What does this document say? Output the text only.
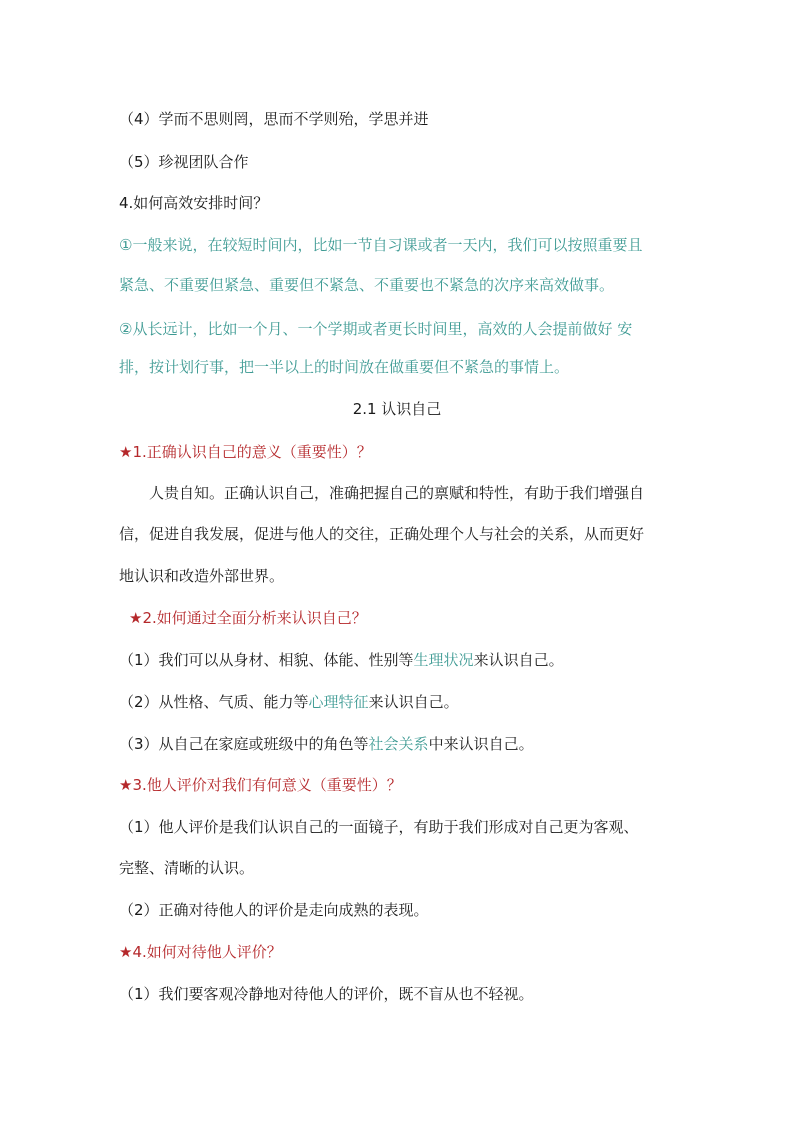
（4）学而不思则罔，思而不学则殆，学思并进
（5）珍视团队合作
4.如何高效安排时间？
①一般来说，在较短时间内，比如一节自习课或者一天内，我们可以按照重要且
紧急、不重要但紧急、重要但不紧急、不重要也不紧急的次序来高效做事。
②从长远计，比如一个月、一个学期或者更长时间里，高效的人会提前做好 安
排，按计划行事，把一半以上的时间放在做重要但不紧急的事情上。
2.1 认识自己
★1.正确认识自己的意义（重要性）？
人贵自知。正确认识自己，准确把握自己的禀赋和特性，有助于我们增强自
信，促进自我发展，促进与他人的交往，正确处理个人与社会的关系，从而更好
地认识和改造外部世界。
★2.如何通过全面分析来认识自己？
（1）我们可以从身材、相貌、体能、性别等生理状况来认识自己。
（2）从性格、气质、能力等心理特征来认识自己。
（3）从自己在家庭或班级中的角色等社会关系中来认识自己。
★3.他人评价对我们有何意义（重要性）？
（1）他人评价是我们认识自己的一面镜子，有助于我们形成对自己更为客观、
完整、清晰的认识。
（2）正确对待他人的评价是走向成熟的表现。
★4.如何对待他人评价？
（1）我们要客观冷静地对待他人的评价，既不盲从也不轻视。
